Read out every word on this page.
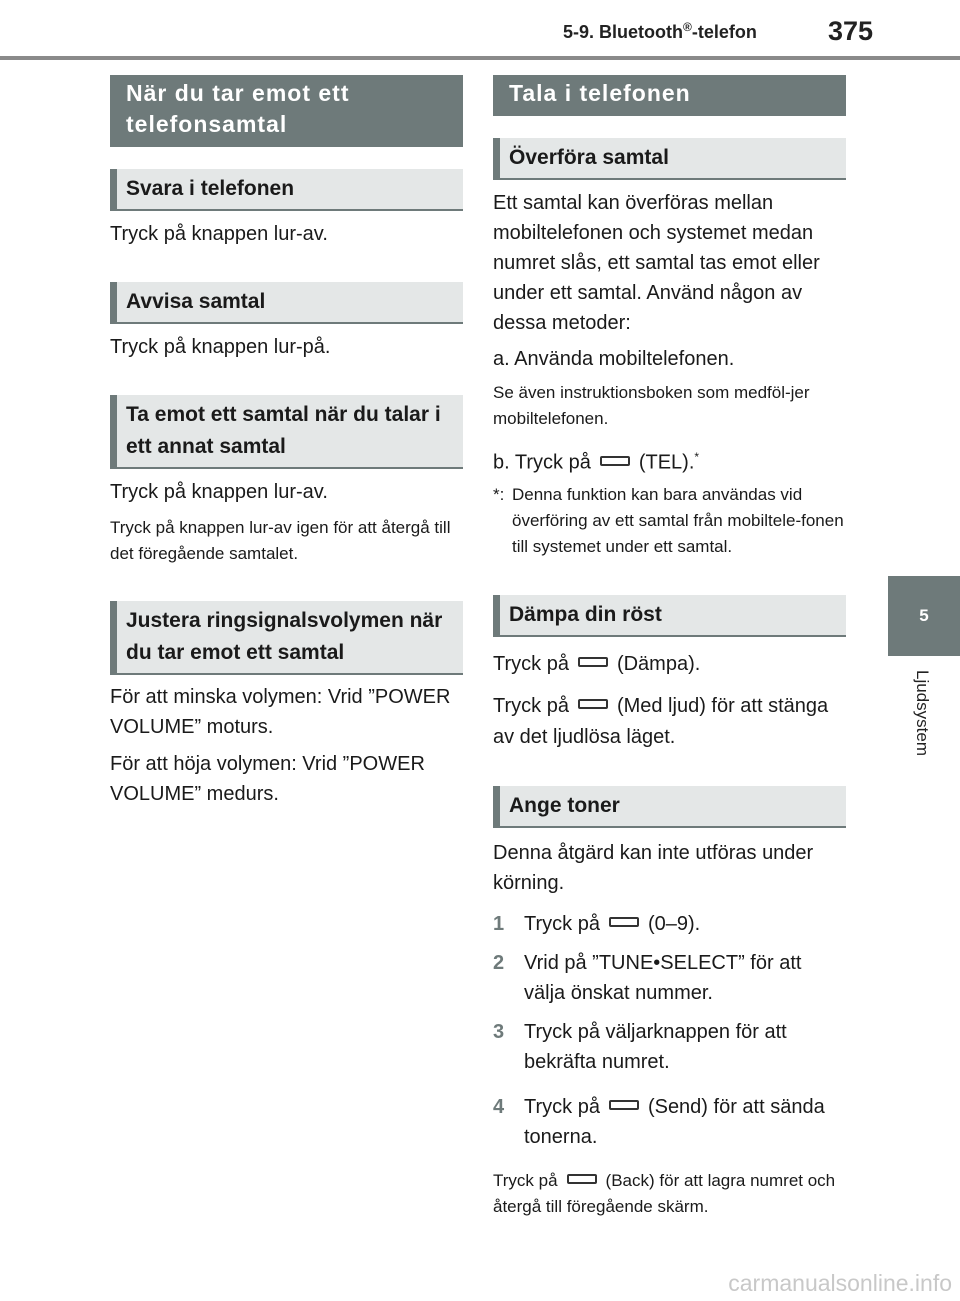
5-9. Bluetooth®-telefon	375
5
Ljudsystem
När du tar emot ett telefonsamtal
Svara i telefonen

Tryck på knappen lur-av.

Avvisa samtal

Tryck på knappen lur-på.

Ta emot ett samtal när du talar i ett annat samtal

Tryck på knappen lur-av.

Tryck på knappen lur-av igen för att återgå till det föregående samtalet.

Justera ringsignalsvolymen när du tar emot ett samtal

För att minska volymen: Vrid ”POWER VOLUME” moturs.

För att höja volymen: Vrid ”POWER VOLUME” medurs.

Tala i telefonen
Överföra samtal

Ett samtal kan överföras mellan mobiltelefonen och systemet medan numret slås, ett samtal tas emot eller under ett samtal. Använd någon av dessa metoder:

a. Använda mobiltelefonen.

Se även instruktionsboken som medföl-jer mobiltelefonen.

b. Tryck på (TEL).*

*: Denna funktion kan bara användas vid överföring av ett samtal från mobiltele-fonen till systemet under ett samtal.
Dämpa din röst

Tryck på (Dämpa).

Tryck på (Med ljud) för att stänga av det ljudlösa läget.

Ange toner

Denna åtgärd kan inte utföras under körning.

1 Tryck på (0–9).
2 Vrid på ”TUNE•SELECT” för att välja önskat nummer.
3 Tryck på väljarknappen för att bekräfta numret.
4 Tryck på (Send) för att sända tonerna.

Tryck på	(Back) för att lagra numret och återgå till föregående skärm.

carmanualsonline.info
